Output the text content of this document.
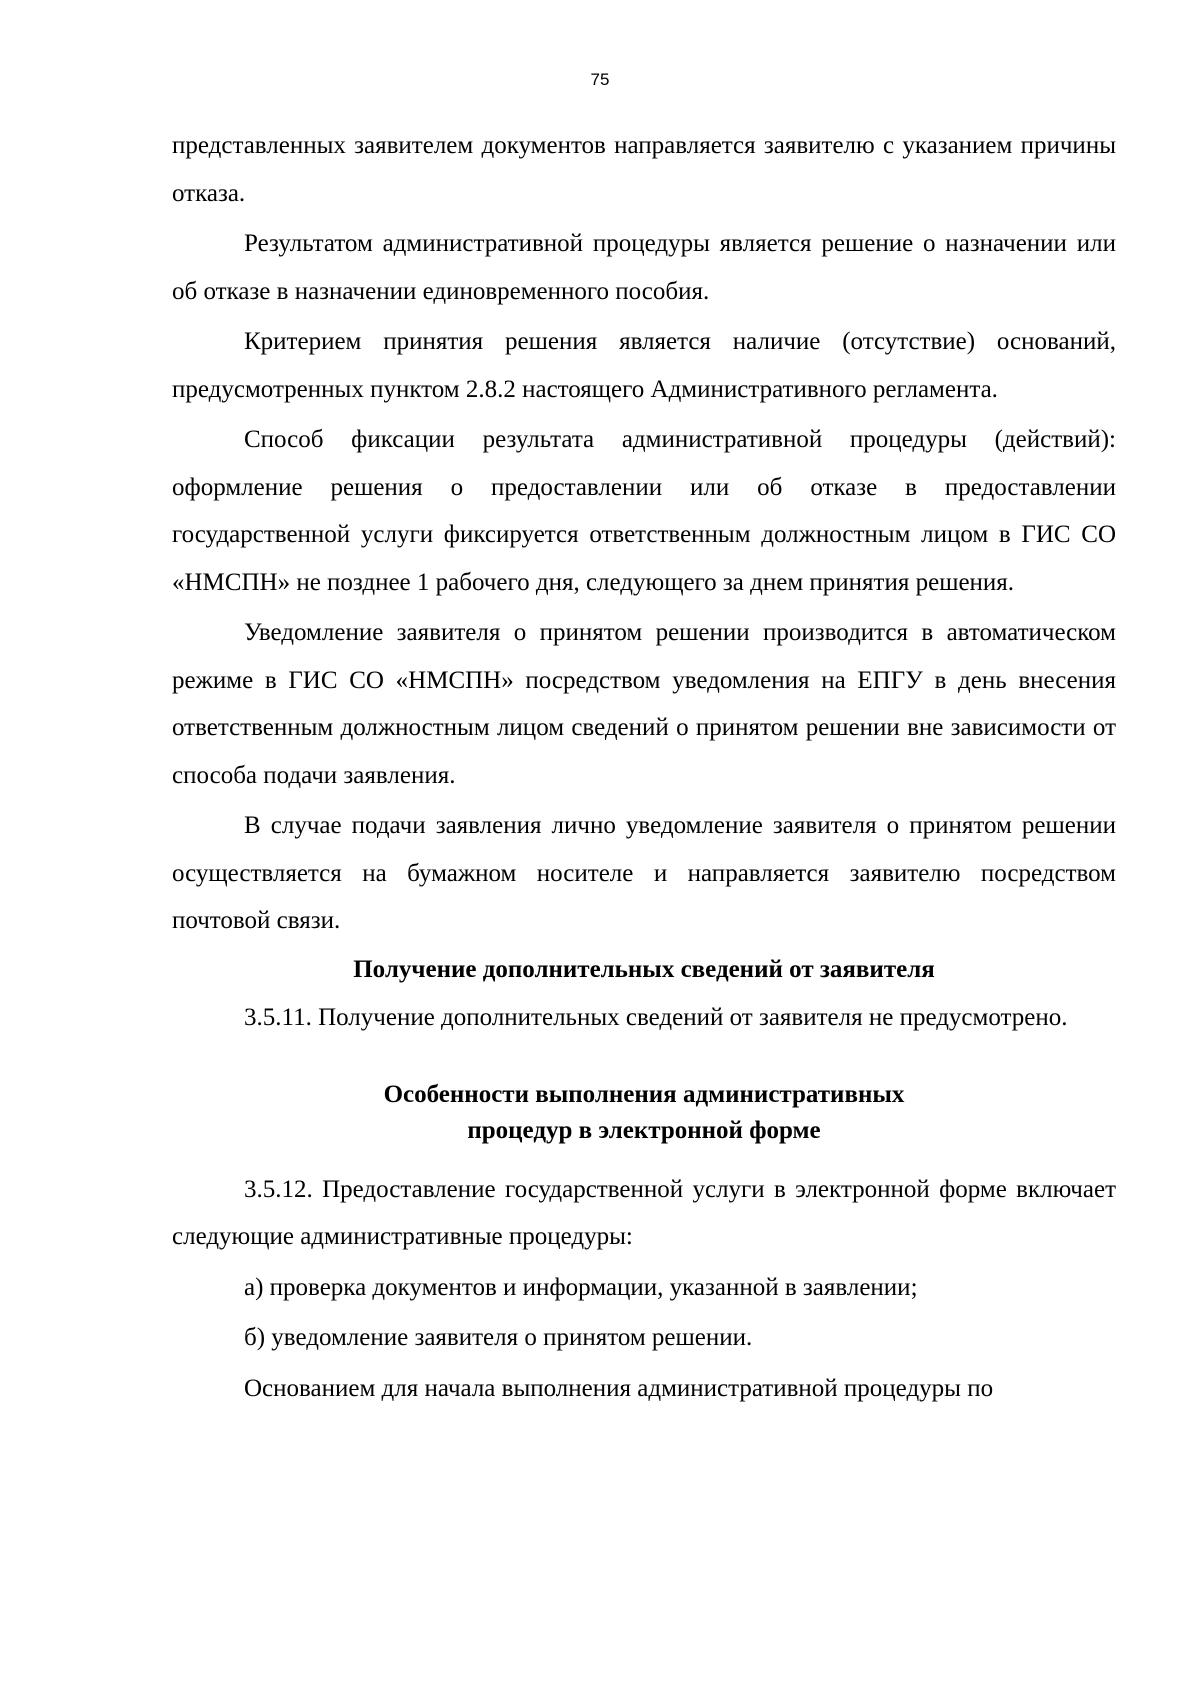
75

представленных заявителем документов направляется заявителю с указанием причины отказа.

Результатом административной процедуры является решение о назначении или об отказе в назначении единовременного пособия.

Критерием принятия решения является наличие (отсутствие) оснований, предусмотренных пунктом 2.8.2 настоящего Административного регламента.

Способ фиксации результата административной процедуры (действий): оформление решения о предоставлении или об отказе в предоставлении государственной услуги фиксируется ответственным должностным лицом в ГИС СО «НМСПН» не позднее 1 рабочего дня, следующего за днем принятия решения.

Уведомление заявителя о принятом решении производится в автоматическом режиме в ГИС СО «НМСПН» посредством уведомления на ЕПГУ в день внесения ответственным должностным лицом сведений о принятом решении вне зависимости от способа подачи заявления.

В случае подачи заявления лично уведомление заявителя о принятом решении осуществляется на бумажном носителе и направляется заявителю посредством почтовой связи.

Получение дополнительных сведений от заявителя

3.5.11. Получение дополнительных сведений от заявителя не предусмотрено.

Особенности выполнения административных
процедур в электронной форме

3.5.12. Предоставление государственной услуги в электронной форме включает следующие административные процедуры:

а) проверка документов и информации, указанной в заявлении;

б) уведомление заявителя о принятом решении.

Основанием для начала выполнения административной процедуры по
